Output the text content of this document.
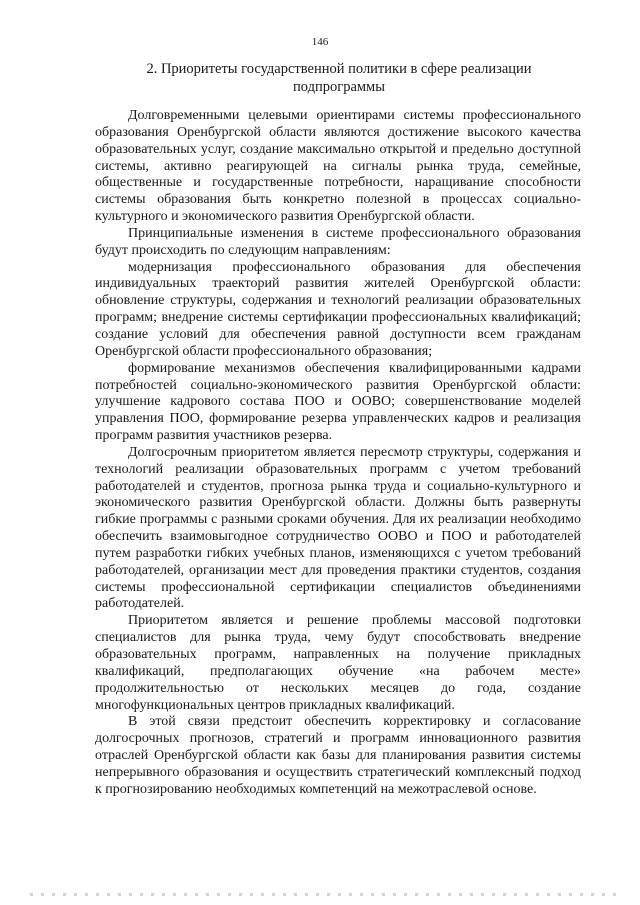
146
2. Приоритеты государственной политики в сфере реализации
подпрограммы

Долговременными целевыми ориентирами системы профессионального образования Оренбургской области являются достижение высокого качества образовательных услуг, создание максимально открытой и предельно доступной системы, активно реагирующей на сигналы рынка труда, семейные, общественные и государственные потребности, наращивание способности системы образования быть конкретно полезной в процессах социально-культурного и экономического развития Оренбургской области.

Принципиальные изменения в системе профессионального образования будут происходить по следующим направлениям:

модернизация профессионального образования для обеспечения индивидуальных траекторий развития жителей Оренбургской области: обновление структуры, содержания и технологий реализации образовательных программ; внедрение системы сертификации профессиональных квалификаций; создание условий для обеспечения равной доступности всем гражданам Оренбургской области профессионального образования;

формирование механизмов обеспечения квалифицированными кадрами потребностей социально-экономического развития Оренбургской области: улучшение кадрового состава ПОО и ООВО; совершенствование моделей управления ПОО, формирование резерва управленческих кадров и реализация программ развития участников резерва.

Долгосрочным приоритетом является пересмотр структуры, содержания и технологий реализации образовательных программ с учетом требований работодателей и студентов, прогноза рынка труда и социально-культурного и экономического развития Оренбургской области. Должны быть развернуты гибкие программы с разными сроками обучения. Для их реализации необходимо обеспечить взаимовыгодное сотрудничество ООВО и ПОО и работодателей путем разработки гибких учебных планов, изменяющихся с учетом требований работодателей, организации мест для проведения практики студентов, создания системы профессиональной сертификации специалистов объединениями работодателей.

Приоритетом является и решение проблемы массовой подготовки специалистов для рынка труда, чему будут способствовать внедрение образовательных программ, направленных на получение прикладных квалификаций, предполагающих обучение «на рабочем месте» продолжительностью от нескольких месяцев до года, создание многофункциональных центров прикладных квалификаций.

В этой связи предстоит обеспечить корректировку и согласование долгосрочных прогнозов, стратегий и программ инновационного развития отраслей Оренбургской области как базы для планирования развития системы непрерывного образования и осуществить стратегический комплексный подход к прогнозированию необходимых компетенций на межотраслевой основе.
